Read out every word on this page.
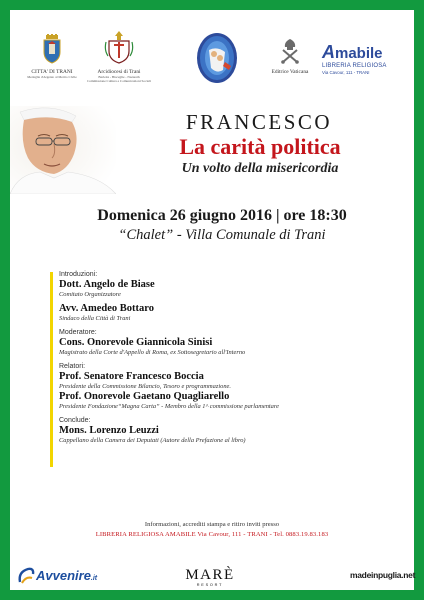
CITTA' DI TRANI
Medaglia d'Argento al Merito Civile
Arcidiocesi di Trani
Barletta - Bisceglie - Nazareth
Commissione Cultura e Comunicazioni Sociali
Editrice Vaticana
Amabile
LIBRERIA RELIGIOSA
Via Cavour, 111 - TRANI
FRANCESCO
La carità politica
Un volto della misericordia
Domenica 26 giugno 2016 | ore 18:30
“Chalet” - Villa Comunale di Trani
Introduzioni:
Dott. Angelo de Biase
Comitato Organizzatore
Avv. Amedeo Bottaro
Sindaco della Città di Trani
Moderatore:
Cons. Onorevole Giannicola Sinisi
Magistrato della Corte d'Appello di Roma, ex Sottosegretario all'Interno
Relatori:
Prof. Senatore Francesco Boccia
Presidente della Commissione Bilancio, Tesoro e programmazione.
Prof. Onorevole Gaetano Quagliarello
Presidente Fondazione“Magna Carta” - Membro della 1^ commissione parlamentare
Conclude:
Mons. Lorenzo Leuzzi
Cappellano della Camera dei Deputati (Autore della Prefazione al libro)
Informazioni, accrediti stampa e ritiro inviti presso
LIBRERIA RELIGIOSA AMABILE Via Cavour, 111 - TRANI - Tel. 0883.19.83.183
Avvenire.it	MARÈ
RESORT
madeinpuglia.net
